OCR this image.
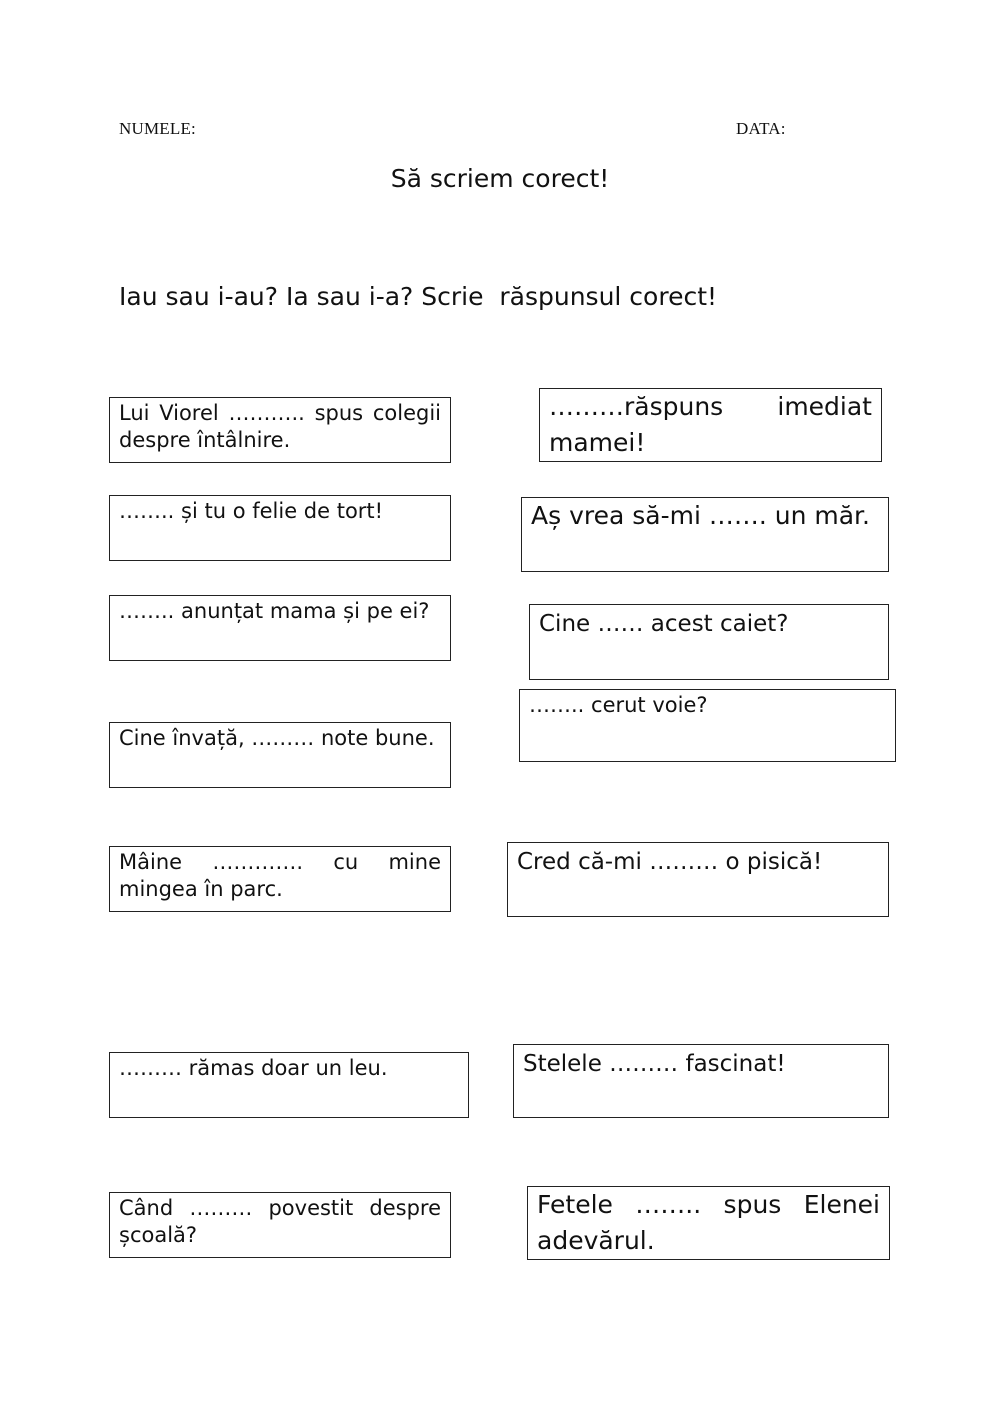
NUMELE:	DATA:
Să scriem corect!
Iau sau i-au? Ia sau i-a? Scrie  răspunsul corect!
Lui Viorel ……….. spus colegii despre întâlnire.
…….. și tu o felie de tort!
…….. anunțat mama și pe ei?
Cine învață, ……… note bune.
Mâine …………. cu mine mingea în parc.
……… rămas doar un leu.
Când ……… povestit despre școală?
………răspuns imediat mamei!
Aș vrea să-mi ……. un măr.
Cine …… acest caiet?
…….. cerut voie?
Cred că-mi ……… o pisică!
Stelele ……… fascinat!
Fetele …….. spus Elenei adevărul.
